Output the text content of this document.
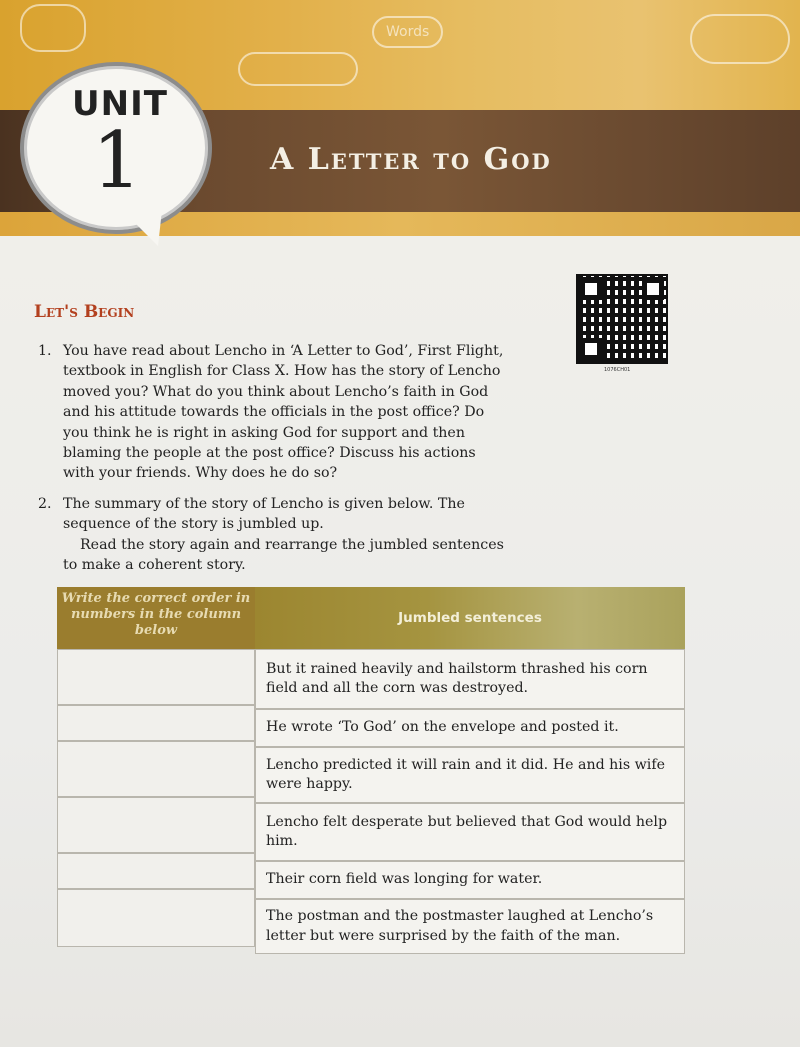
Words
UNIT
1	A Letter to God
Let's Begin
1076CH01
1. You have read about Lencho in ‘A Letter to God’, First Flight,
textbook in English for Class X. How has the story of Lencho
moved you? What do you think about Lencho’s faith in God
and his attitude towards the officials in the post office? Do
you think he is right in asking God for support and then
blaming the people at the post office? Discuss his actions
with your friends. Why does he do so?
2. The summary of the story of Lencho is given below. The
sequence of the story is jumbled up.
Read the story again and rearrange the jumbled sentences
to make a coherent story.
Write the correct order in numbers in the column below
Jumbled sentences
But it rained heavily and hailstorm thrashed his corn field and all the corn was destroyed.
He wrote ‘To God’ on the envelope and posted it.
Lencho predicted it will rain and it did. He and his wife were happy.
Lencho felt desperate but believed that God would help him.
Their corn field was longing for water.
The postman and the postmaster laughed at Lencho’s letter but were surprised by the faith of the man.
